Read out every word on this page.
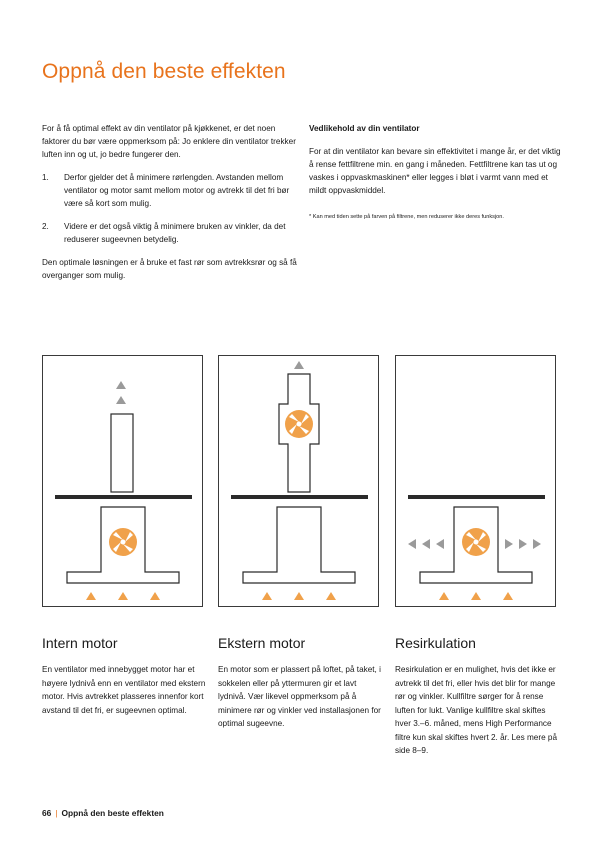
Oppnå den beste effekten

For å få optimal effekt av din ventilator på kjøkkenet, er det noen faktorer du bør være oppmerksom på: Jo enklere din ventilator trekker luften inn og ut, jo bedre fungerer den.

1.	Derfor gjelder det å minimere rørlengden. Avstanden mellom ventilator og motor samt mellom motor og avtrekk til det fri bør være så kort som mulig.
2.	Videre er det også viktig å minimere bruken av vinkler, da det reduserer sugeevnen betydelig.

Den optimale løsningen er å bruke et fast rør som avtrekksrør og så få overganger som mulig.

Vedlikehold av din ventilator

For at din ventilator kan bevare sin effektivitet i mange år, er det viktig å rense fettfiltrene min. en gang i måneden. Fettfiltrene kan tas ut og vaskes i oppvaskmaskinen* eller legges i bløt i varmt vann med et mildt oppvaskmiddel.

* Kan med tiden sette på farven på filtrene, men reduserer ikke deres funksjon.
Intern motor

En ventilator med innebygget motor har et høyere lydnivå enn en ventilator med ekstern motor. Hvis avtrekket plasseres innenfor kort avstand til det fri, er sugeevnen optimal.

Ekstern motor

En motor som er plassert på loftet, på taket, i sokkelen eller på yttermuren gir et lavt lydnivå. Vær likevel oppmerksom på å minimere rør og vinkler ved installasjonen for optimal sugeevne.

Resirkulation

Resirkulation er en mulighet, hvis det ikke er avtrekk til det fri, eller hvis det blir for mange rør og vinkler. Kullfiltre sørger for å rense luften for lukt. Vanlige kullfiltre skal skiftes hver 3.–6. måned, mens High Performance filtre kun skal skiftes hvert 2. år. Les mere på side 8–9.

66 | Oppnå den beste effekten
